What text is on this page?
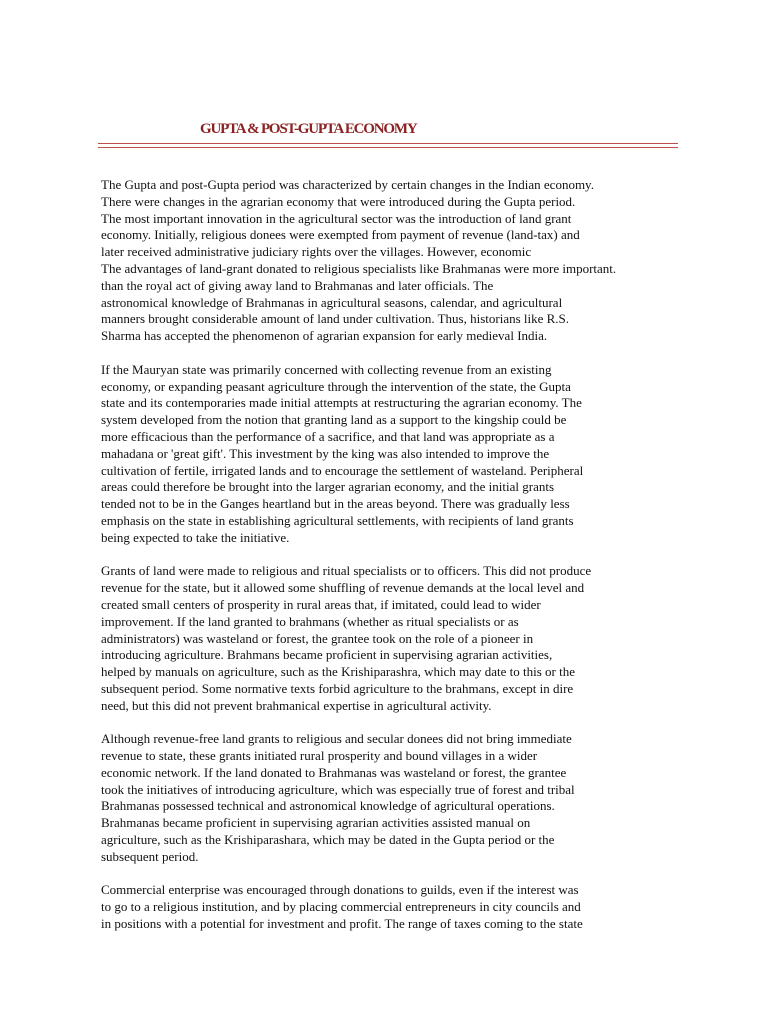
GUPTA & POST-GUPTA ECONOMY

The Gupta and post-Gupta period was characterized by certain changes in the Indian economy.
There were changes in the agrarian economy that were introduced during the Gupta period.
The most important innovation in the agricultural sector was the introduction of land grant
economy. Initially, religious donees were exempted from payment of revenue (land-tax) and
later received administrative judiciary rights over the villages. However, economic
The advantages of land-grant donated to religious specialists like Brahmanas were more important.
than the royal act of giving away land to Brahmanas and later officials. The
astronomical knowledge of Brahmanas in agricultural seasons, calendar, and agricultural
manners brought considerable amount of land under cultivation. Thus, historians like R.S.
Sharma has accepted the phenomenon of agrarian expansion for early medieval India.

If the Mauryan state was primarily concerned with collecting revenue from an existing
economy, or expanding peasant agriculture through the intervention of the state, the Gupta
state and its contemporaries made initial attempts at restructuring the agrarian economy. The
system developed from the notion that granting land as a support to the kingship could be
more efficacious than the performance of a sacrifice, and that land was appropriate as a
mahadana or 'great gift'. This investment by the king was also intended to improve the
cultivation of fertile, irrigated lands and to encourage the settlement of wasteland. Peripheral
areas could therefore be brought into the larger agrarian economy, and the initial grants
tended not to be in the Ganges heartland but in the areas beyond. There was gradually less
emphasis on the state in establishing agricultural settlements, with recipients of land grants
being expected to take the initiative.

Grants of land were made to religious and ritual specialists or to officers. This did not produce
revenue for the state, but it allowed some shuffling of revenue demands at the local level and
created small centers of prosperity in rural areas that, if imitated, could lead to wider
improvement. If the land granted to brahmans (whether as ritual specialists or as
administrators) was wasteland or forest, the grantee took on the role of a pioneer in
introducing agriculture. Brahmans became proficient in supervising agrarian activities,
helped by manuals on agriculture, such as the Krishiparashra, which may date to this or the
subsequent period. Some normative texts forbid agriculture to the brahmans, except in dire
need, but this did not prevent brahmanical expertise in agricultural activity.

Although revenue-free land grants to religious and secular donees did not bring immediate
revenue to state, these grants initiated rural prosperity and bound villages in a wider
economic network. If the land donated to Brahmanas was wasteland or forest, the grantee
took the initiatives of introducing agriculture, which was especially true of forest and tribal
Brahmanas possessed technical and astronomical knowledge of agricultural operations.
Brahmanas became proficient in supervising agrarian activities assisted manual on
agriculture, such as the Krishiparashara, which may be dated in the Gupta period or the
subsequent period.

Commercial enterprise was encouraged through donations to guilds, even if the interest was
to go to a religious institution, and by placing commercial entrepreneurs in city councils and
in positions with a potential for investment and profit. The range of taxes coming to the state
